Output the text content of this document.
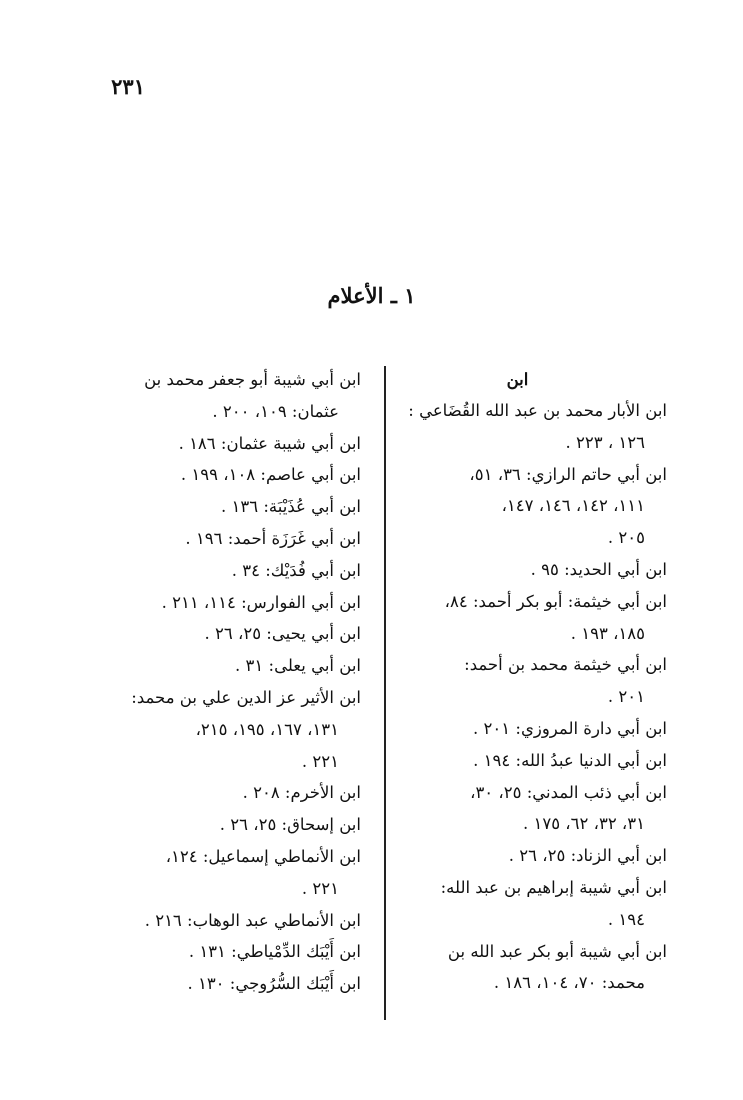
٢٣١
١ ـ الأعلام

ابن

ابن الأبار محمد بن عبد الله القُضَاعي :
١٢٦ ، ٢٢٣ .

ابن أبي حاتم الرازي: ٣٦، ٥١،
١١١، ١٤٢، ١٤٦، ١٤٧،
٢٠٥ .

ابن أبي الحديد: ٩٥ .

ابن أبي خيثمة: أبو بكر أحمد: ٨٤،
١٨٥، ١٩٣ .

ابن أبي خيثمة محمد بن أحمد:
٢٠١ .

ابن أبي دارة المروزي: ٢٠١ .

ابن أبي الدنيا عبدُ الله: ١٩٤ .

ابن أبي ذئب المدني: ٢٥، ٣٠،
٣١، ٣٢، ٦٢، ١٧٥ .

ابن أبي الزناد: ٢٥، ٢٦ .

ابن أبي شيبة إبراهيم بن عبد الله:
١٩٤ .

ابن أبي شيبة أبو بكر عبد الله بن
محمد: ٧٠، ١٠٤، ١٨٦ .

ابن أبي شيبة أبو جعفر محمد بن
عثمان: ١٠٩، ٢٠٠ .

ابن أبي شيبة عثمان: ١٨٦ .

ابن أبي عاصم: ١٠٨، ١٩٩ .

ابن أبي عُذَيْبَة: ١٣٦ .

ابن أبي غَرَزَة أحمد: ١٩٦ .

ابن أبي فُدَيْك: ٣٤ .

ابن أبي الفوارس: ١١٤، ٢١١ .

ابن أبي يحيى: ٢٥، ٢٦ .

ابن أبي يعلى: ٣١ .

ابن الأثير عز الدين علي بن محمد:
١٣١، ١٦٧، ١٩٥، ٢١٥،
٢٢١ .

ابن الأخرم: ٢٠٨ .

ابن إسحاق: ٢٥، ٢٦ .

ابن الأنماطي إسماعيل: ١٢٤،
٢٢١ .

ابن الأنماطي عبد الوهاب: ٢١٦ .

ابن أَيْبَك الدِّمْياطي: ١٣١ .

ابن أَيْبَك السُّرُوجي: ١٣٠ .
